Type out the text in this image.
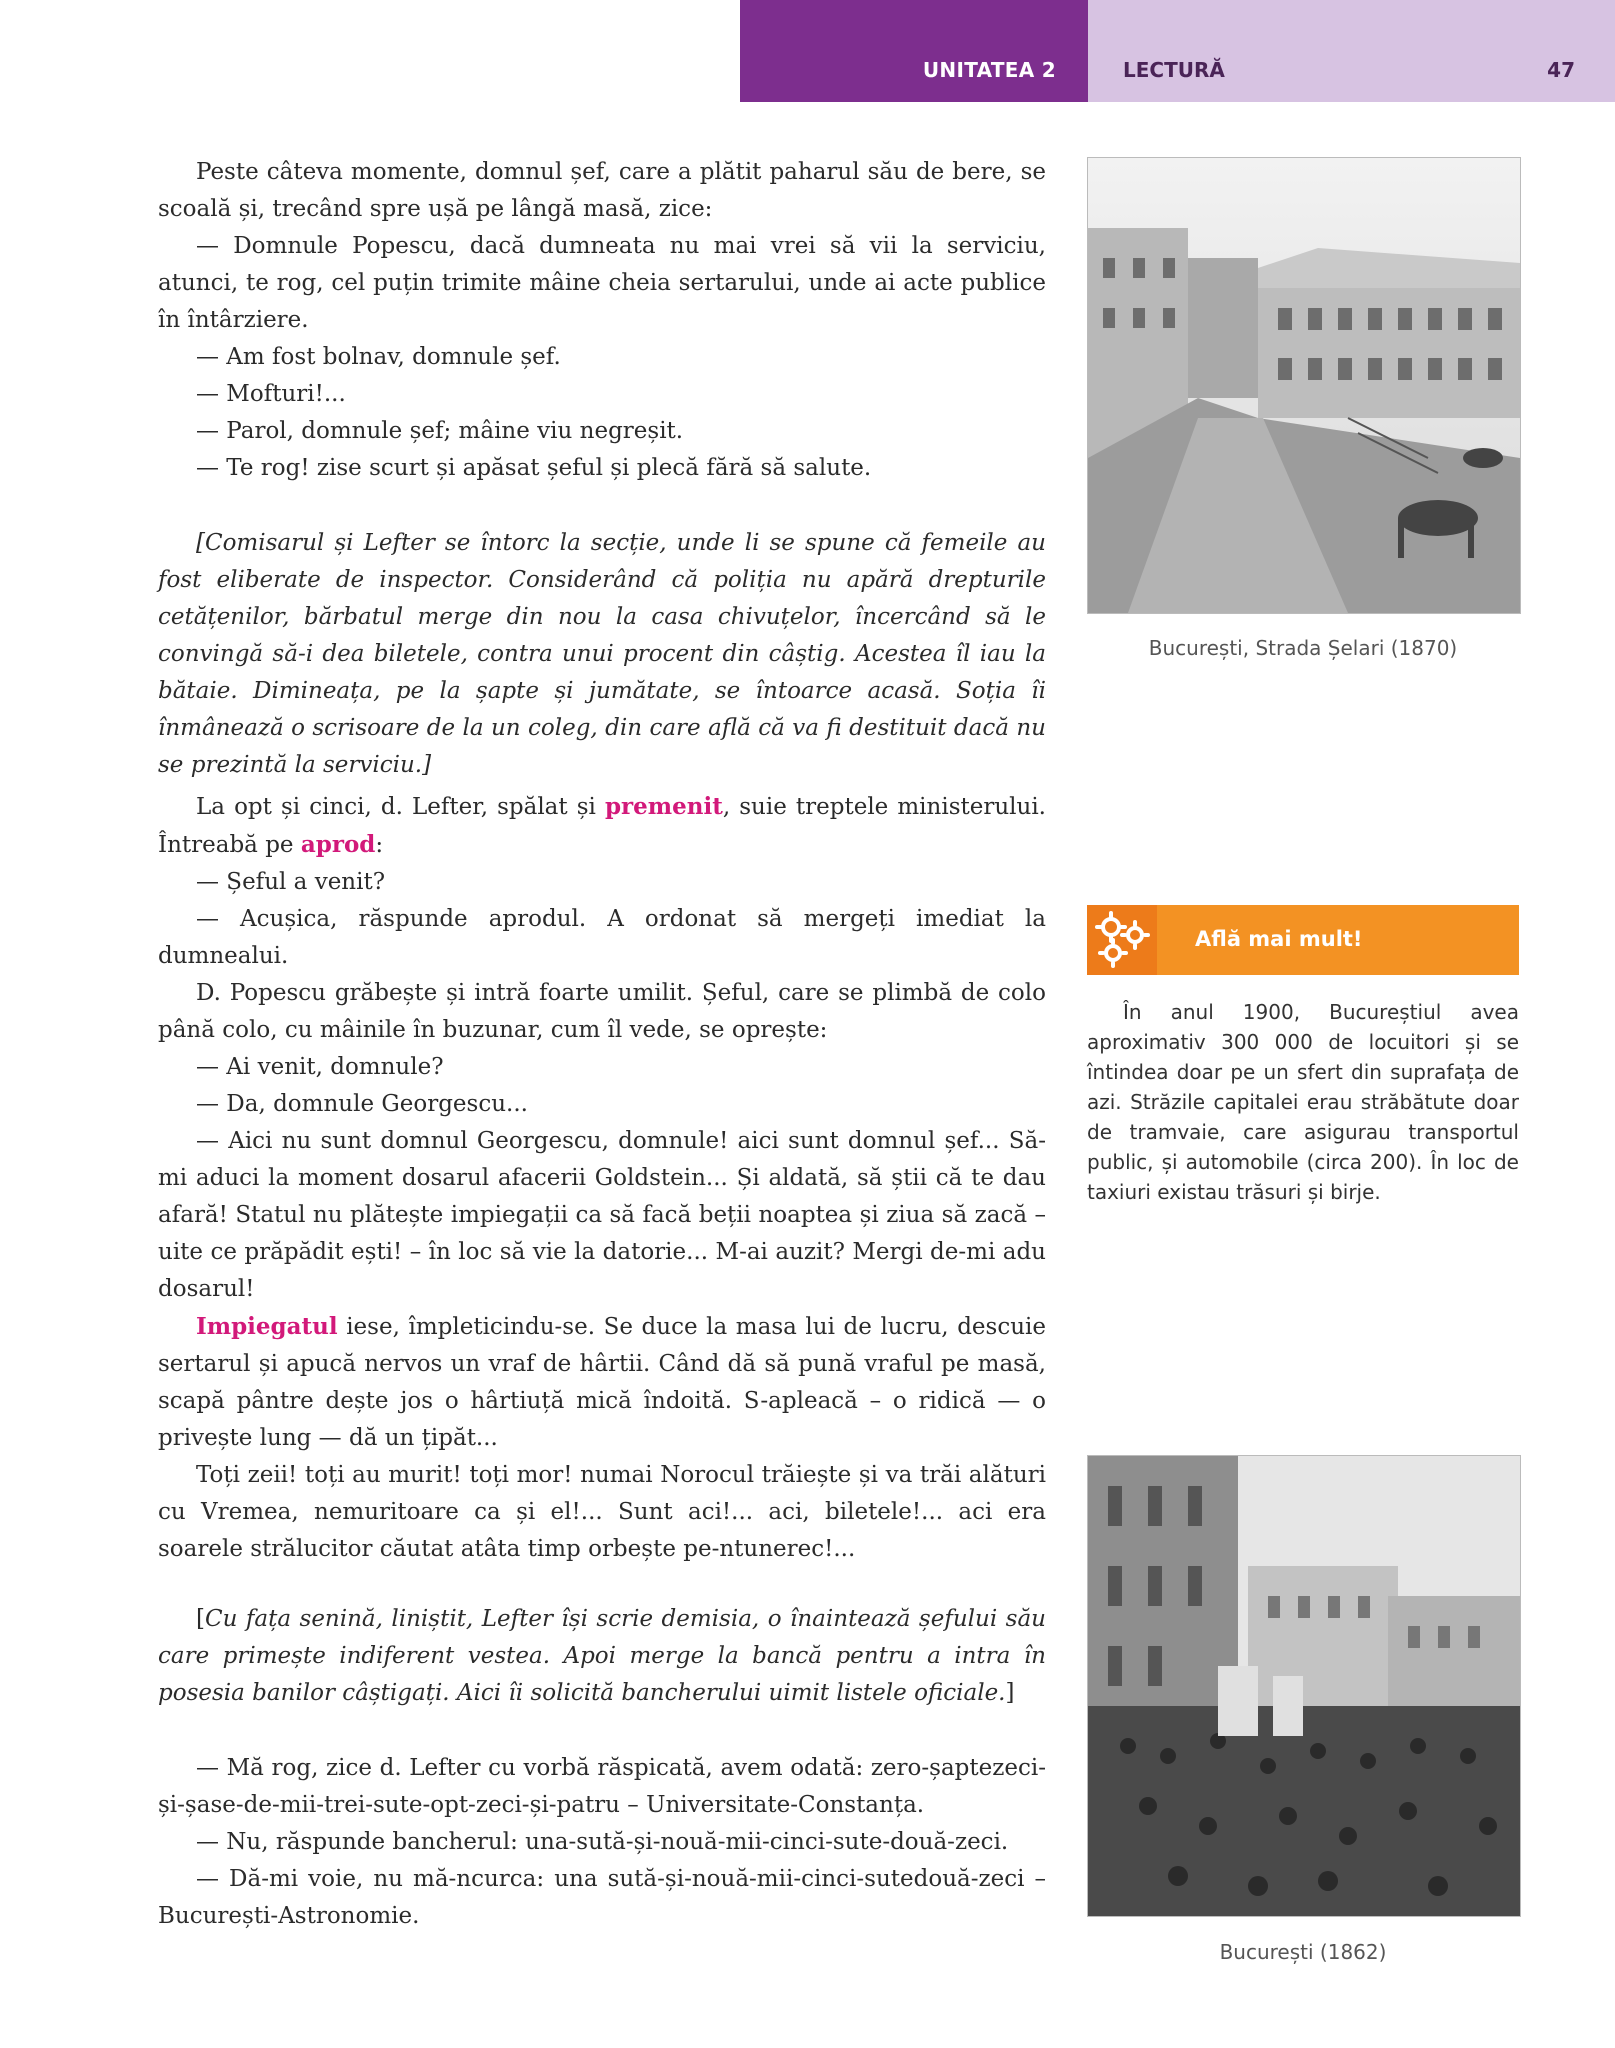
UNITATEA 2	LECTURĂ	47

Peste câteva momente, domnul șef, care a plătit paharul său de bere, se scoală și, trecând spre ușă pe lângă masă, zice:

— Domnule Popescu, dacă dumneata nu mai vrei să vii la serviciu, atunci, te rog, cel puțin trimite mâine cheia sertarului, unde ai acte publice în întârziere.

— Am fost bolnav, domnule șef.

— Mofturi!...

— Parol, domnule șef; mâine viu negreșit.

— Te rog! zise scurt și apăsat șeful și plecă fără să salute.

[Comisarul și Lefter se întorc la secție, unde li se spune că femeile au fost eliberate de inspector. Considerând că poliția nu apără drepturile cetățenilor, bărbatul merge din nou la casa chivuțelor, încercând să le convingă să-i dea biletele, contra unui procent din câștig. Acestea îl iau la bătaie. Dimineața, pe la șapte și jumătate, se întoarce acasă. Soția îi înmânează o scrisoare de la un coleg, din care află că va fi destituit dacă nu se prezintă la serviciu.]

La opt și cinci, d. Lefter, spălat și premenit, suie treptele ministerului. Întreabă pe aprod:

— Șeful a venit?

— Acușica, răspunde aprodul. A ordonat să mergeți imediat la dumnealui.

D. Popescu grăbește și intră foarte umilit. Șeful, care se plimbă de colo până colo, cu mâinile în buzunar, cum îl vede, se oprește:

— Ai venit, domnule?

— Da, domnule Georgescu...

— Aici nu sunt domnul Georgescu, domnule! aici sunt domnul șef... Să-mi aduci la moment dosarul afacerii Goldstein... Și aldată, să știi că te dau afară! Statul nu plătește impiegații ca să facă beții noaptea și ziua să zacă – uite ce prăpădit ești! – în loc să vie la datorie... M-ai auzit? Mergi de-mi adu dosarul!

Impiegatul iese, împleticindu-se. Se duce la masa lui de lucru, descuie sertarul și apucă nervos un vraf de hârtii. Când dă să pună vraful pe masă, scapă pântre dește jos o hârtiuță mică îndoită. S-apleacă – o ridică — o privește lung — dă un țipăt...

Toți zeii! toți au murit! toți mor! numai Norocul trăiește și va trăi alături cu Vremea, nemuritoare ca și el!... Sunt aci!... aci, biletele!... aci era soarele strălucitor căutat atâta timp orbește pe-ntunerec!...

[Cu fața senină, liniștit, Lefter își scrie demisia, o înaintează șefului său care primește indiferent vestea. Apoi merge la bancă pentru a intra în posesia banilor câștigați. Aici îi solicită bancherului uimit listele oficiale.]

— Mă rog, zice d. Lefter cu vorbă răspicată, avem odată: zero-șaptezeci-și-șase-de-mii-trei-sute-opt-zeci-și-patru – Universitate-Constanța.

— Nu, răspunde bancherul: una-sută-și-nouă-mii-cinci-sute-două-zeci.

— Dă-mi voie, nu mă-ncurca: una sută-și-nouă-mii-cinci-sutedouă-zeci – București-Astronomie.

București, Strada Șelari (1870)
Află mai mult!

În anul 1900, Bucureștiul avea aproximativ 300 000 de locuitori și se întindea doar pe un sfert din suprafața de azi. Străzile capitalei erau străbătute doar de tramvaie, care asigurau transportul public, și automobile (circa 200). În loc de taxiuri existau trăsuri și birje.

București (1862)
